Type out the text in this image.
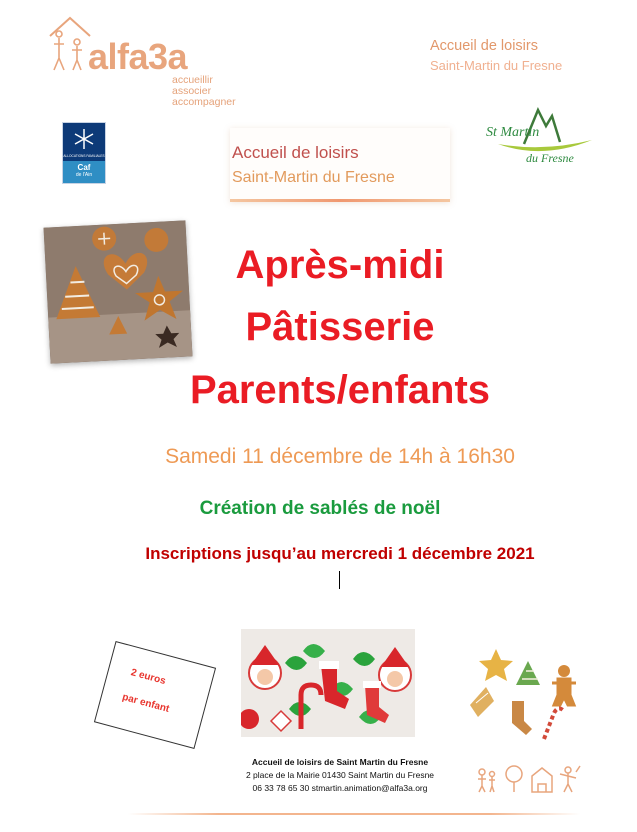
alfa3a
accueillir
associer
accompagner
Accueil de loisirs
Saint-Martin du Fresne
ALLOCATIONS FAMILIALES
Caf
de l'Ain
Accueil de loisirs
Saint-Martin du Fresne
St Martin
du Fresne
Après-midi
Pâtisserie
Parents/enfants
Samedi 11 décembre de 14h à 16h30
Création de sablés de noël
Inscriptions jusqu’au mercredi 1 décembre 2021
2 euros
par enfant
Accueil de loisirs de Saint Martin du Fresne
2 place de la Mairie 01430 Saint Martin du Fresne
06 33 78 65 30 stmartin.animation@alfa3a.org
